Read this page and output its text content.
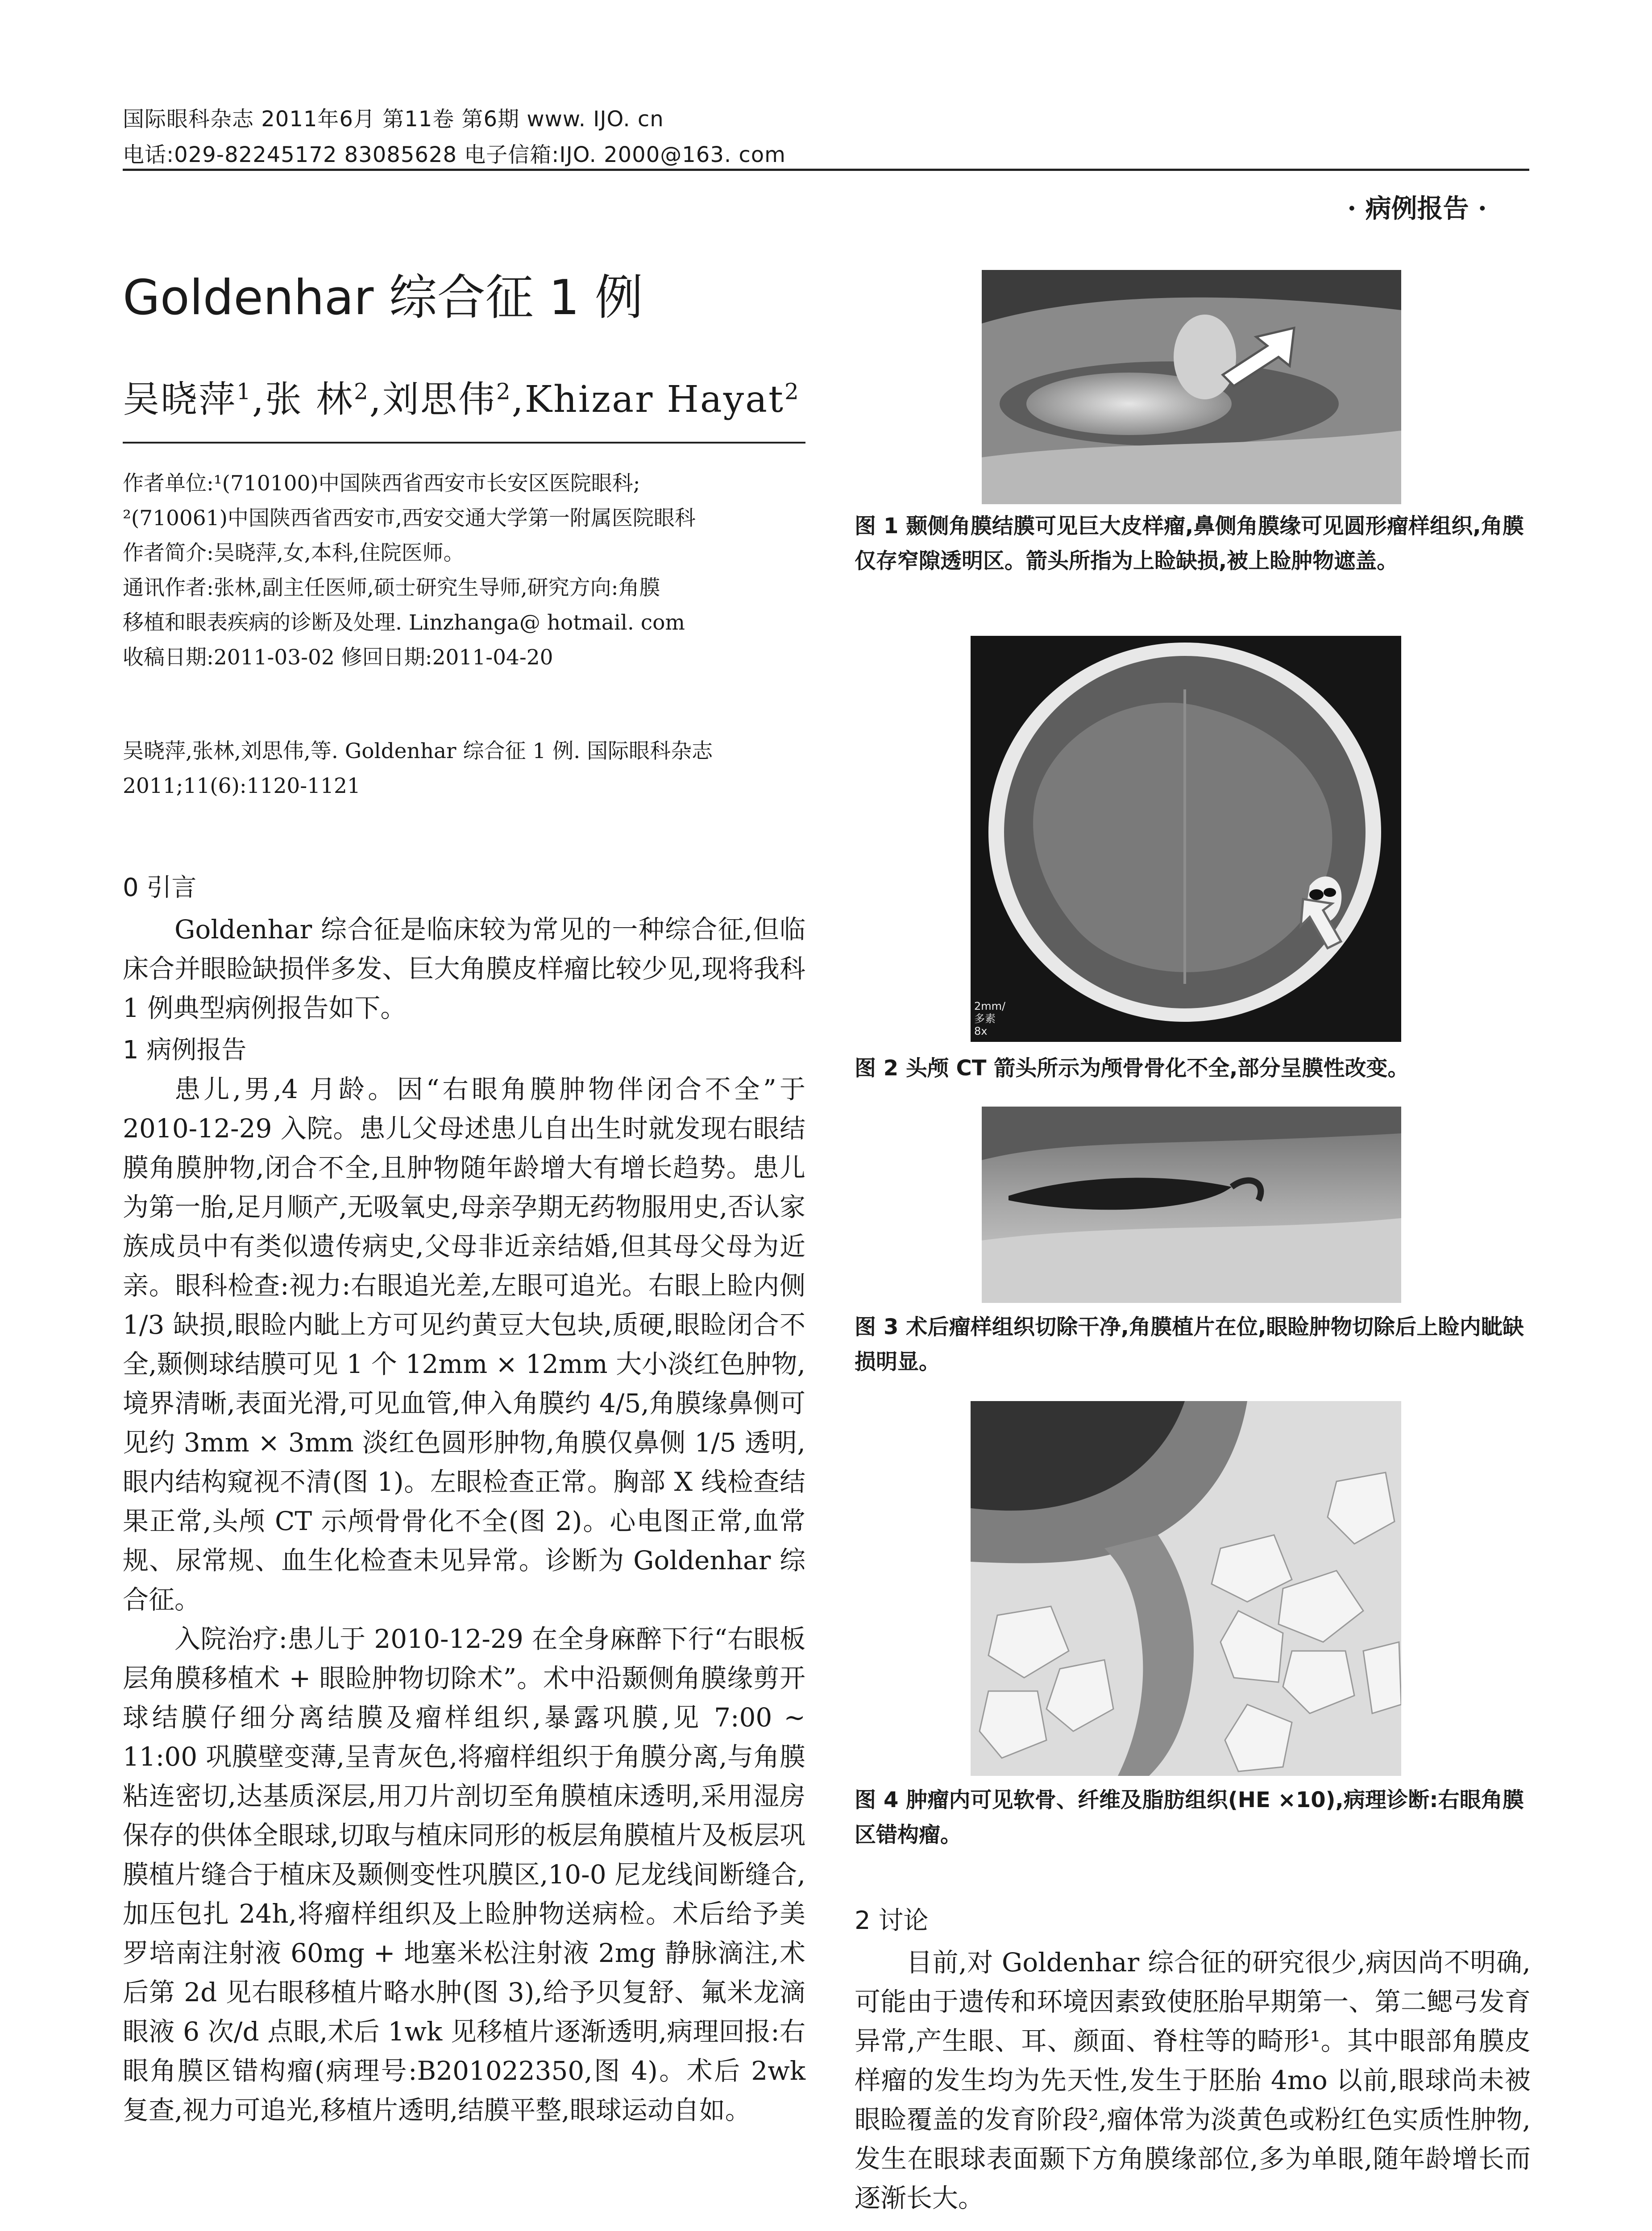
国际眼科杂志 2011年6月 第11卷 第6期 www. IJO. cn
电话:029-82245172 83085628 电子信箱:IJO. 2000@163. com
· 病例报告 ·
Goldenhar 综合征 1 例
吴晓萍$^1$,张 林$^2$,刘思伟$^2$,Khizar Hayat$^2$

作者单位:¹(710100)中国陕西省西安市长安区医院眼科;

²(710061)中国陕西省西安市,西安交通大学第一附属医院眼科

作者简介:吴晓萍,女,本科,住院医师。

通讯作者:张林,副主任医师,硕士研究生导师,研究方向:角膜

移植和眼表疾病的诊断及处理. Linzhanga@ hotmail. com

收稿日期:2011-03-02 修回日期:2011-04-20

吴晓萍,张林,刘思伟,等. Goldenhar 综合征 1 例. 国际眼科杂志

2011;11(6):1120-1121

0 引言

Goldenhar 综合征是临床较为常见的一种综合征,但临床合并眼睑缺损伴多发、巨大角膜皮样瘤比较少见,现将我科 1 例典型病例报告如下。

1 病例报告

患儿,男,4 月龄。因“右眼角膜肿物伴闭合不全”于 2010-12-29 入院。患儿父母述患儿自出生时就发现右眼结膜角膜肿物,闭合不全,且肿物随年龄增大有增长趋势。患儿为第一胎,足月顺产,无吸氧史,母亲孕期无药物服用史,否认家族成员中有类似遗传病史,父母非近亲结婚,但其母父母为近亲。眼科检查:视力:右眼追光差,左眼可追光。右眼上睑内侧 1/3 缺损,眼睑内眦上方可见约黄豆大包块,质硬,眼睑闭合不全,颞侧球结膜可见 1 个 12mm × 12mm 大小淡红色肿物,境界清晰,表面光滑,可见血管,伸入角膜约 4/5,角膜缘鼻侧可见约 3mm × 3mm 淡红色圆形肿物,角膜仅鼻侧 1/5 透明,眼内结构窥视不清(图 1)。左眼检查正常。胸部 X 线检查结果正常,头颅 CT 示颅骨骨化不全(图 2)。心电图正常,血常规、尿常规、血生化检查未见异常。诊断为 Goldenhar 综合征。

入院治疗:患儿于 2010-12-29 在全身麻醉下行“右眼板层角膜移植术 + 眼睑肿物切除术”。术中沿颞侧角膜缘剪开球结膜仔细分离结膜及瘤样组织,暴露巩膜,见 7:00 ~ 11:00 巩膜壁变薄,呈青灰色,将瘤样组织于角膜分离,与角膜粘连密切,达基质深层,用刀片剖切至角膜植床透明,采用湿房保存的供体全眼球,切取与植床同形的板层角膜植片及板层巩膜植片缝合于植床及颞侧变性巩膜区,10-0 尼龙线间断缝合,加压包扎 24h,将瘤样组织及上睑肿物送病检。术后给予美罗培南注射液 60mg + 地塞米松注射液 2mg 静脉滴注,术后第 2d 见右眼移植片略水肿(图 3),给予贝复舒、氟米龙滴眼液 6 次/d 点眼,术后 1wk 见移植片逐渐透明,病理回报:右眼角膜区错构瘤(病理号:B201022350,图 4)。术后 2wk 复查,视力可追光,移植片透明,结膜平整,眼球运动自如。

图 1 颞侧角膜结膜可见巨大皮样瘤,鼻侧角膜缘可见圆形瘤样组织,角膜仅存窄隙透明区。箭头所指为上睑缺损,被上睑肿物遮盖。

2mm/多素 8x

图 2 头颅 CT 箭头所示为颅骨骨化不全,部分呈膜性改变。

图 3 术后瘤样组织切除干净,角膜植片在位,眼睑肿物切除后上睑内眦缺损明显。

图 4 肿瘤内可见软骨、纤维及脂肪组织(HE ×10),病理诊断:右眼角膜区错构瘤。

2 讨论

目前,对 Goldenhar 综合征的研究很少,病因尚不明确,可能由于遗传和环境因素致使胚胎早期第一、第二鳃弓发育异常,产生眼、耳、颜面、脊柱等的畸形¹。其中眼部角膜皮样瘤的发生均为先天性,发生于胚胎 4mo 以前,眼球尚未被眼睑覆盖的发育阶段²,瘤体常为淡黄色或粉红色实质性肿物,发生在眼球表面颞下方角膜缘部位,多为单眼,随年龄增长而逐渐长大。
